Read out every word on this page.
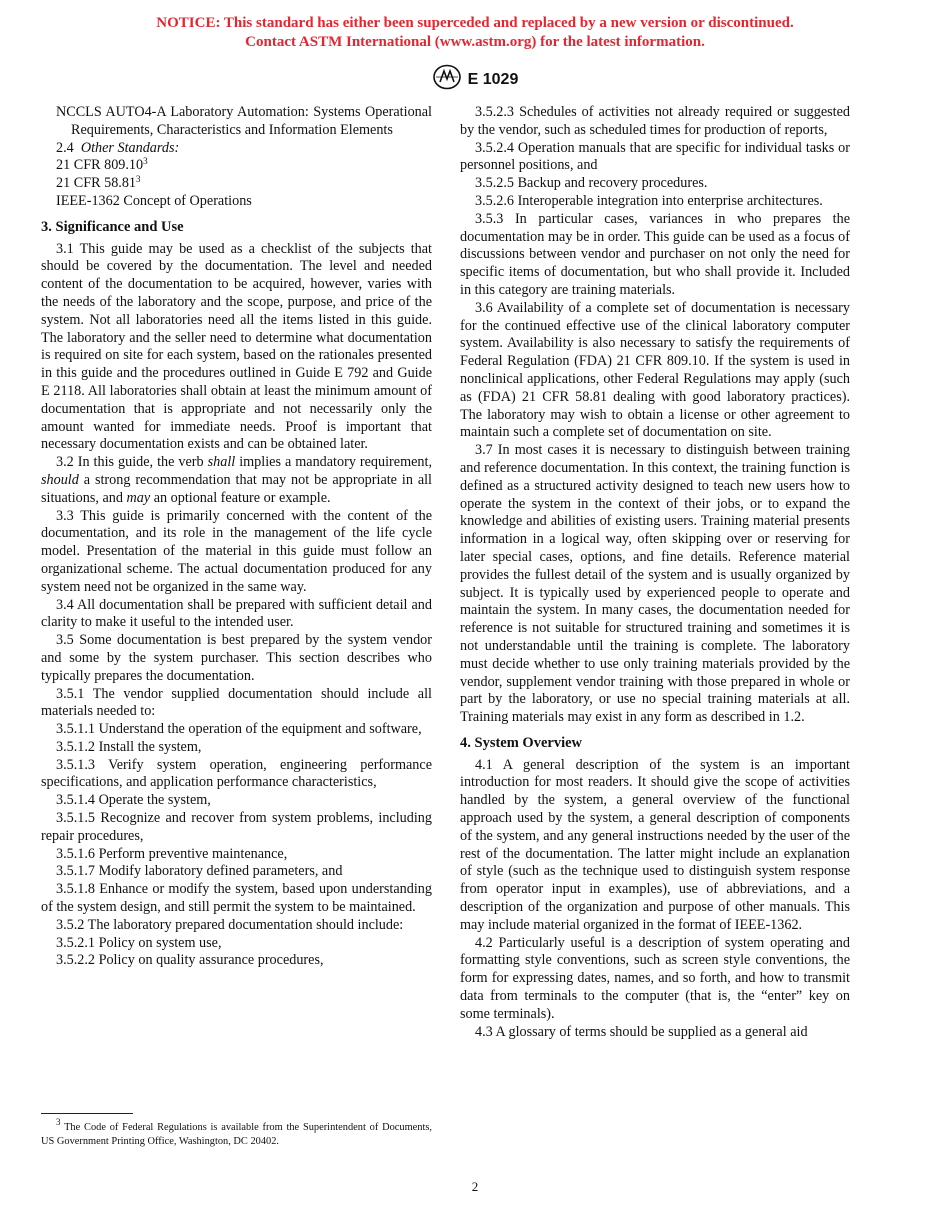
NOTICE: This standard has either been superceded and replaced by a new version or discontinued.
Contact ASTM International (www.astm.org) for the latest information.
E 1029

NCCLS AUTO4-A Laboratory Automation: Systems Operational Requirements, Characteristics and Information Elements

2.4 Other Standards:

21 CFR 809.10$^3$

21 CFR 58.81$^3$

IEEE-1362 Concept of Operations

3. Significance and Use

3.1 This guide may be used as a checklist of the subjects that should be covered by the documentation. The level and needed content of the documentation to be acquired, however, varies with the needs of the laboratory and the scope, purpose, and price of the system. Not all laboratories need all the items listed in this guide. The laboratory and the seller need to determine what documentation is required on site for each system, based on the rationales presented in this guide and the procedures outlined in Guide E 792 and Guide E 2118. All laboratories shall obtain at least the minimum amount of documentation that is appropriate and not necessarily only the amount wanted for immediate needs. Proof is important that necessary documentation exists and can be obtained later.

3.2 In this guide, the verb shall implies a mandatory requirement, should a strong recommendation that may not be appropriate in all situations, and may an optional feature or example.

3.3 This guide is primarily concerned with the content of the documentation, and its role in the management of the life cycle model. Presentation of the material in this guide must follow an organizational scheme. The actual documentation produced for any system need not be organized in the same way.

3.4 All documentation shall be prepared with sufficient detail and clarity to make it useful to the intended user.

3.5 Some documentation is best prepared by the system vendor and some by the system purchaser. This section describes who typically prepares the documentation.

3.5.1 The vendor supplied documentation should include all materials needed to:

3.5.1.1 Understand the operation of the equipment and software,

3.5.1.2 Install the system,

3.5.1.3 Verify system operation, engineering performance specifications, and application performance characteristics,

3.5.1.4 Operate the system,

3.5.1.5 Recognize and recover from system problems, including repair procedures,

3.5.1.6 Perform preventive maintenance,

3.5.1.7 Modify laboratory defined parameters, and

3.5.1.8 Enhance or modify the system, based upon understanding of the system design, and still permit the system to be maintained.

3.5.2 The laboratory prepared documentation should include:

3.5.2.1 Policy on system use,

3.5.2.2 Policy on quality assurance procedures,

3.5.2.3 Schedules of activities not already required or suggested by the vendor, such as scheduled times for production of reports,

3.5.2.4 Operation manuals that are specific for individual tasks or personnel positions, and

3.5.2.5 Backup and recovery procedures.

3.5.2.6 Interoperable integration into enterprise architectures.

3.5.3 In particular cases, variances in who prepares the documentation may be in order. This guide can be used as a focus of discussions between vendor and purchaser on not only the need for specific items of documentation, but who shall provide it. Included in this category are training materials.

3.6 Availability of a complete set of documentation is necessary for the continued effective use of the clinical laboratory computer system. Availability is also necessary to satisfy the requirements of Federal Regulation (FDA) 21 CFR 809.10. If the system is used in nonclinical applications, other Federal Regulations may apply (such as (FDA) 21 CFR 58.81 dealing with good laboratory practices). The laboratory may wish to obtain a license or other agreement to maintain such a complete set of documentation on site.

3.7 In most cases it is necessary to distinguish between training and reference documentation. In this context, the training function is defined as a structured activity designed to teach new users how to operate the system in the context of their jobs, or to expand the knowledge and abilities of existing users. Training material presents information in a logical way, often skipping over or reserving for later special cases, options, and fine details. Reference material provides the fullest detail of the system and is usually organized by subject. It is typically used by experienced people to operate and maintain the system. In many cases, the documentation needed for reference is not suitable for structured training and sometimes it is not understandable until the training is complete. The laboratory must decide whether to use only training materials provided by the vendor, supplement vendor training with those prepared in whole or part by the laboratory, or use no special training materials at all. Training materials may exist in any form as described in 1.2.

4. System Overview

4.1 A general description of the system is an important introduction for most readers. It should give the scope of activities handled by the system, a general overview of the functional approach used by the system, a general description of components of the system, and any general instructions needed by the user of the rest of the documentation. The latter might include an explanation of style (such as the technique used to distinguish system response from operator input in examples), use of abbreviations, and a description of the organization and purpose of other manuals. This may include material organized in the format of IEEE-1362.

4.2 Particularly useful is a description of system operating and formatting style conventions, such as screen style conventions, the form for expressing dates, names, and so forth, and how to transmit data from terminals to the computer (that is, the “enter” key on some terminals).

4.3 A glossary of terms should be supplied as a general aid

$^3$ The Code of Federal Regulations is available from the Superintendent of Documents, US Government Printing Office, Washington, DC 20402.
2
